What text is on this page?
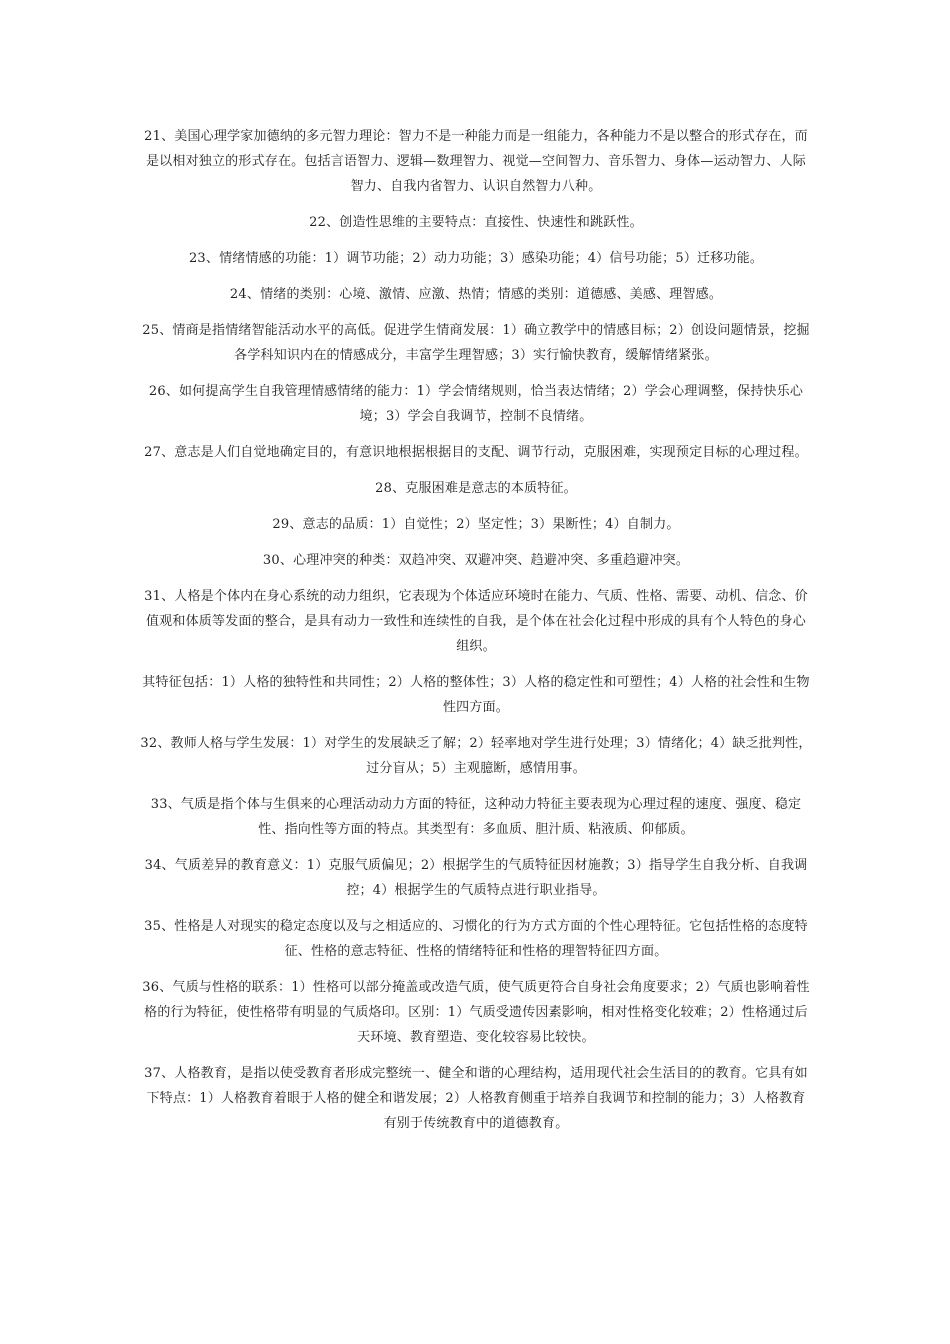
21、美国心理学家加德纳的多元智力理论：智力不是一种能力而是一组能力，各种能力不是以整合的形式存在，而是以相对独立的形式存在。包括言语智力、逻辑—数理智力、视觉—空间智力、音乐智力、身体—运动智力、人际智力、自我内省智力、认识自然智力八种。

22、创造性思维的主要特点：直接性、快速性和跳跃性。

23、情绪情感的功能：1）调节功能；2）动力功能；3）感染功能；4）信号功能；5）迁移功能。

24、情绪的类别：心境、激情、应激、热情；情感的类别：道德感、美感、理智感。

25、情商是指情绪智能活动水平的高低。促进学生情商发展：1）确立教学中的情感目标；2）创设问题情景，挖掘各学科知识内在的情感成分，丰富学生理智感；3）实行愉快教育，缓解情绪紧张。

26、如何提高学生自我管理情感情绪的能力：1）学会情绪规则，恰当表达情绪；2）学会心理调整，保持快乐心境；3）学会自我调节，控制不良情绪。

27、意志是人们自觉地确定目的，有意识地根据根据目的支配、调节行动，克服困难，实现预定目标的心理过程。

28、克服困难是意志的本质特征。

29、意志的品质：1）自觉性；2）坚定性；3）果断性；4）自制力。

30、心理冲突的种类：双趋冲突、双避冲突、趋避冲突、多重趋避冲突。

31、人格是个体内在身心系统的动力组织，它表现为个体适应环境时在能力、气质、性格、需要、动机、信念、价值观和体质等发面的整合，是具有动力一致性和连续性的自我，是个体在社会化过程中形成的具有个人特色的身心组织。

其特征包括：1）人格的独特性和共同性；2）人格的整体性；3）人格的稳定性和可塑性；4）人格的社会性和生物性四方面。

32、教师人格与学生发展：1）对学生的发展缺乏了解；2）轻率地对学生进行处理；3）情绪化；4）缺乏批判性，过分盲从；5）主观臆断，感情用事。

33、气质是指个体与生俱来的心理活动动力方面的特征，这种动力特征主要表现为心理过程的速度、强度、稳定性、指向性等方面的特点。其类型有：多血质、胆汁质、粘液质、仰郁质。

34、气质差异的教育意义：1）克服气质偏见；2）根据学生的气质特征因材施教；3）指导学生自我分析、自我调控；4）根据学生的气质特点进行职业指导。

35、性格是人对现实的稳定态度以及与之相适应的、习惯化的行为方式方面的个性心理特征。它包括性格的态度特征、性格的意志特征、性格的情绪特征和性格的理智特征四方面。

36、气质与性格的联系：1）性格可以部分掩盖或改造气质，使气质更符合自身社会角度要求；2）气质也影响着性格的行为特征，使性格带有明显的气质烙印。区别：1）气质受遗传因素影响，相对性格变化较难；2）性格通过后天环境、教育塑造、变化较容易比较快。

37、人格教育，是指以使受教育者形成完整统一、健全和谐的心理结构，适用现代社会生活目的的教育。它具有如下特点：1）人格教育着眼于人格的健全和谐发展；2）人格教育侧重于培养自我调节和控制的能力；3）人格教育有别于传统教育中的道德教育。
